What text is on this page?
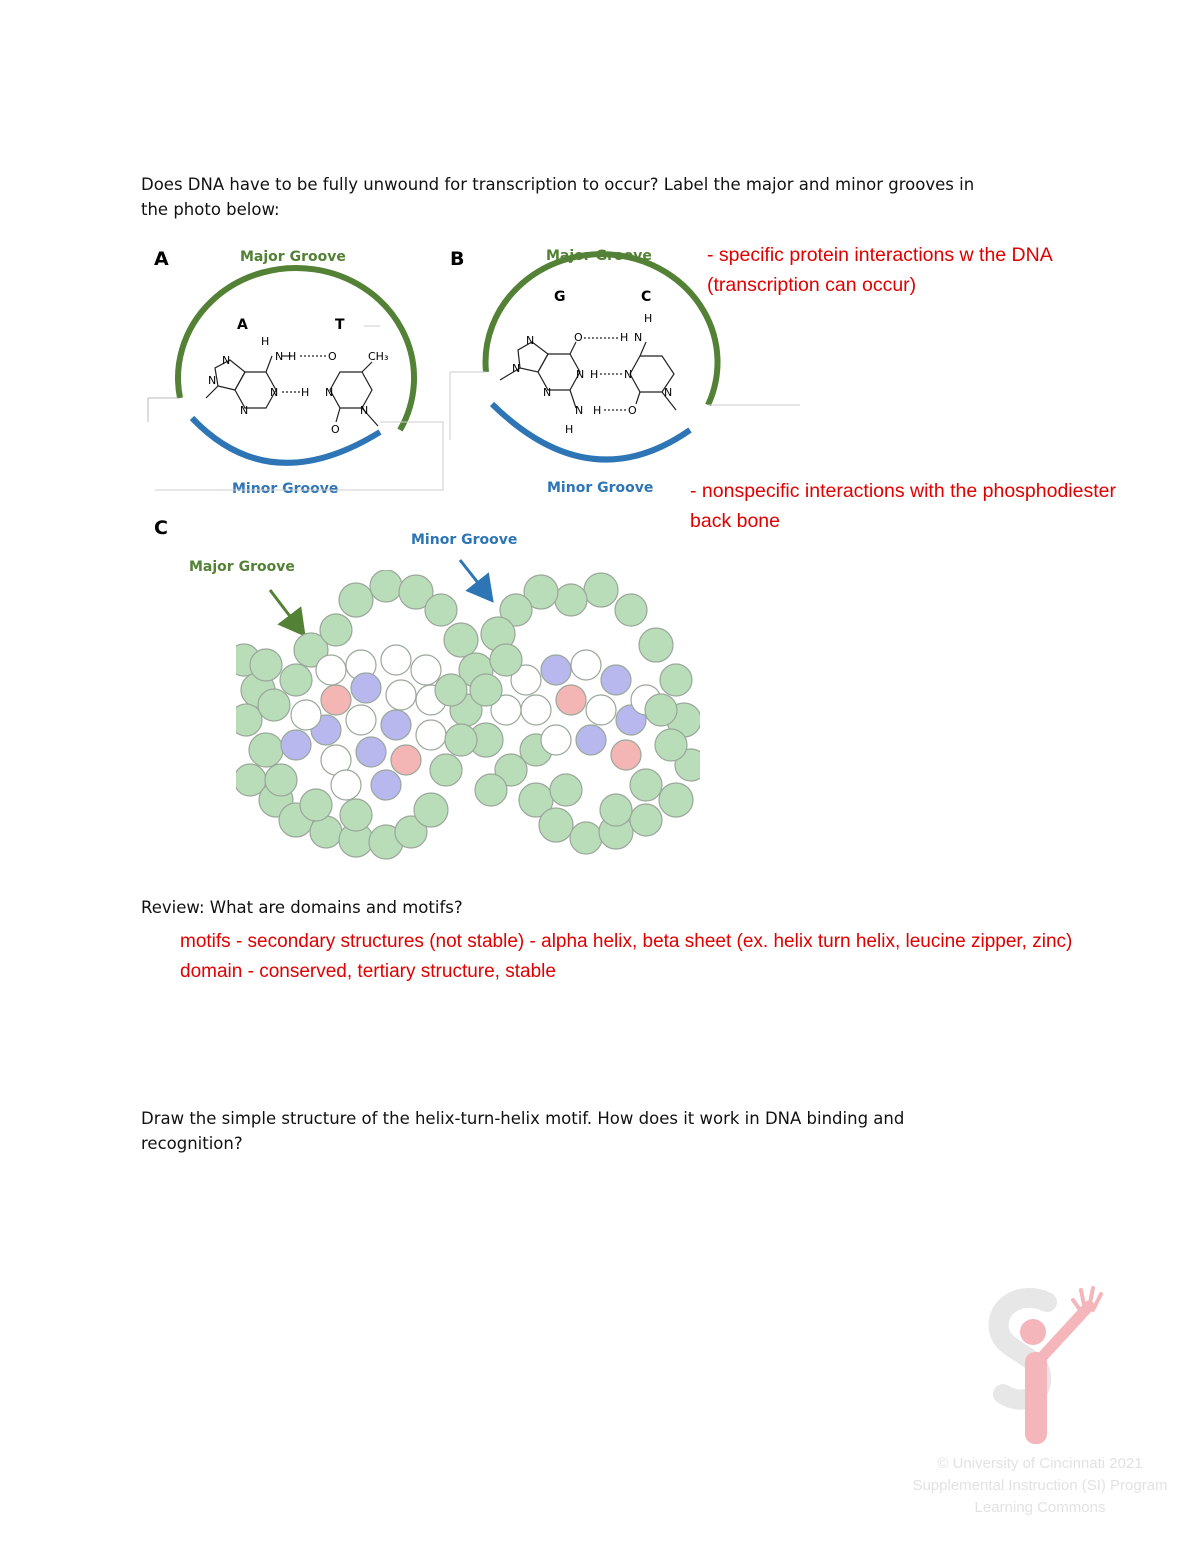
Does DNA have to be fully unwound for transcription to occur? Label the major and minor grooves in
the photo below:
A	Major Groove
Minor Groove
A	T
N
N
N
N
H
N H	O	CH₃
H N
N
O
B	Major Groove
Minor Groove
G	C
N
N
N
O
N H
N H
H
H
H N
N
N
O
C
Major Groove
Minor Groove
- specific protein interactions w the DNA
(transcription can occur)
- nonspecific interactions with the phosphodiester
back bone
Review: What are domains and motifs?
motifs - secondary structures (not stable) - alpha helix, beta sheet (ex. helix turn helix, leucine zipper, zinc)
domain - conserved, tertiary structure, stable
Draw the simple structure of the helix-turn-helix motif. How does it work in DNA binding and
recognition?
© University of Cincinnati 2021
Supplemental Instruction (SI) Program
Learning Commons
